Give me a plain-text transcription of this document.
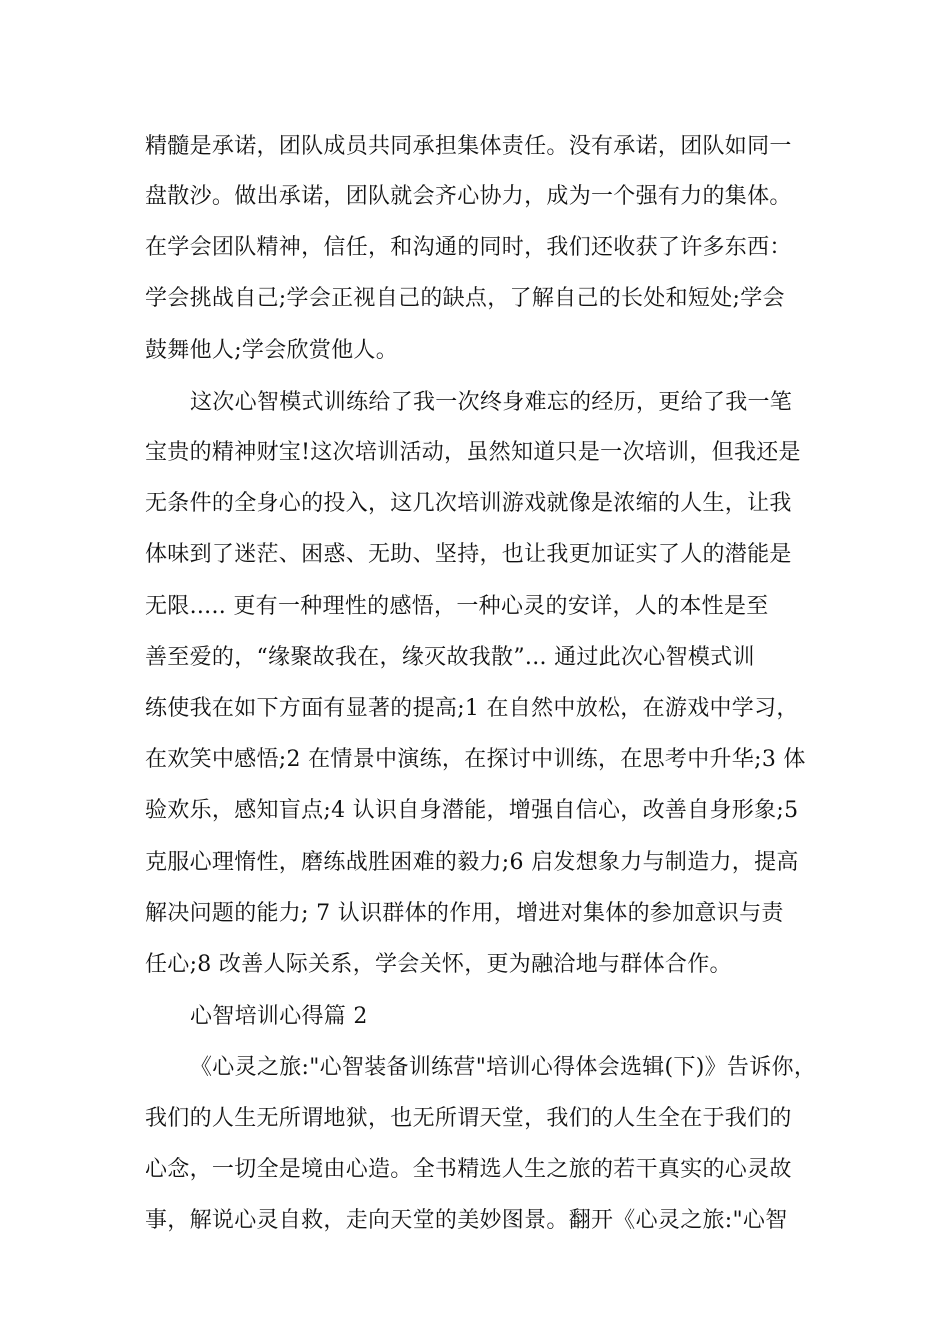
精髓是承诺，团队成员共同承担集体责任。没有承诺，团队如同一
盘散沙。做出承诺，团队就会齐心协力，成为一个强有力的集体。
在学会团队精神，信任，和沟通的同时，我们还收获了许多东西：
学会挑战自己;学会正视自己的缺点，了解自己的长处和短处;学会
鼓舞他人;学会欣赏他人。
这次心智模式训练给了我一次终身难忘的经历，更给了我一笔
宝贵的精神财宝!这次培训活动，虽然知道只是一次培训，但我还是
无条件的全身心的投入，这几次培训游戏就像是浓缩的人生，让我
体味到了迷茫、困惑、无助、坚持，也让我更加证实了人的潜能是
无限..... 更有一种理性的感悟，一种心灵的安详，人的本性是至
善至爱的，“缘聚故我在，缘灭故我散”... 通过此次心智模式训
练使我在如下方面有显著的提高;1 在自然中放松，在游戏中学习，
在欢笑中感悟;2 在情景中演练，在探讨中训练，在思考中升华;3 体
验欢乐，感知盲点;4 认识自身潜能，增强自信心，改善自身形象;5
克服心理惰性，磨练战胜困难的毅力;6 启发想象力与制造力，提高
解决问题的能力; 7 认识群体的作用，增进对集体的参加意识与责
任心;8 改善人际关系，学会关怀，更为融洽地与群体合作。
心智培训心得篇 2
《心灵之旅:"心智装备训练营"培训心得体会选辑(下)》告诉你，
我们的人生无所谓地狱，也无所谓天堂，我们的人生全在于我们的
心念，一切全是境由心造。全书精选人生之旅的若干真实的心灵故
事，解说心灵自救，走向天堂的美妙图景。翻开《心灵之旅:"心智
